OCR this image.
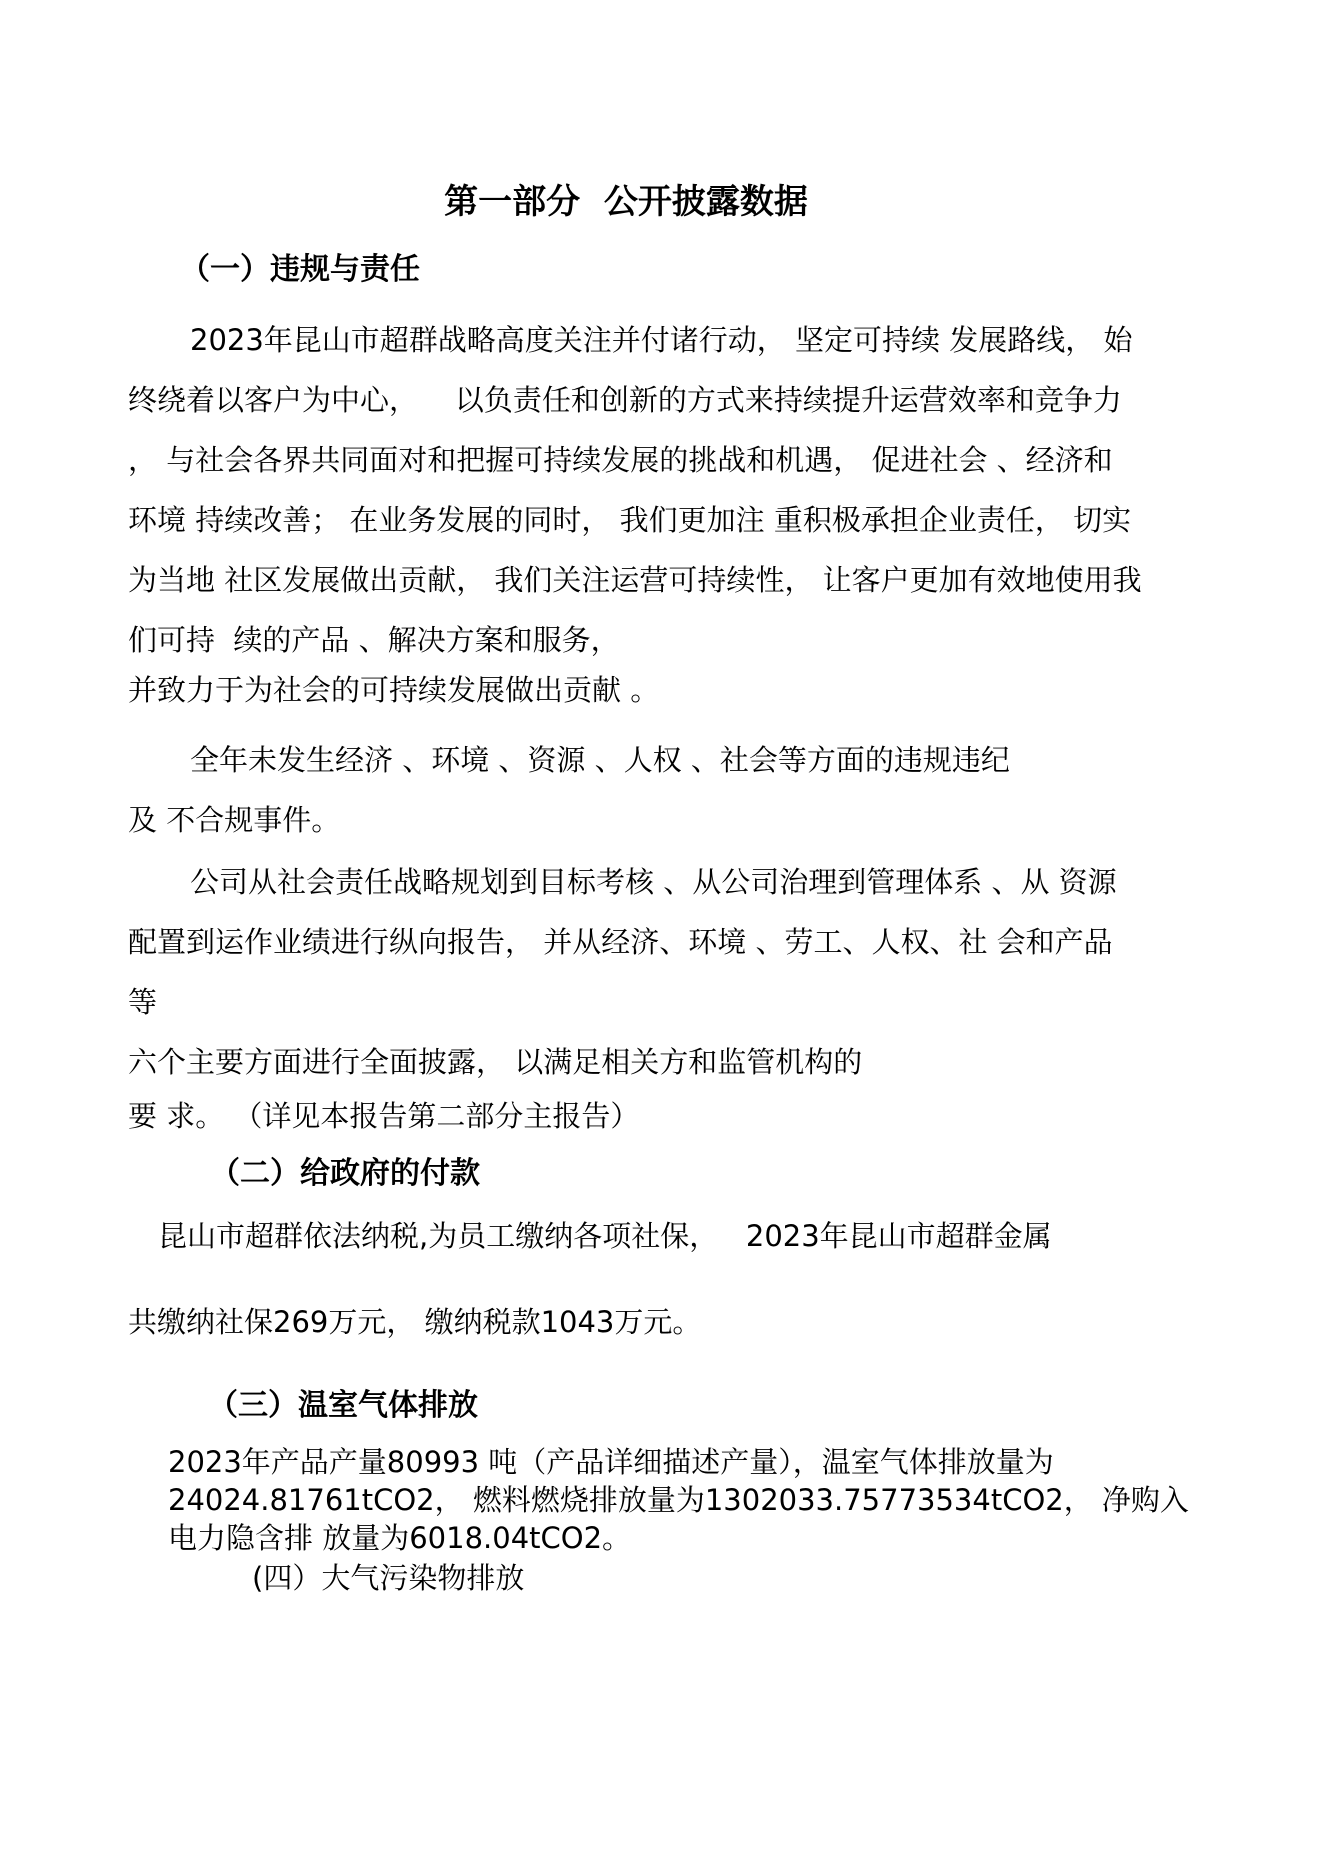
第一部分  公开披露数据
（一）违规与责任
2023年昆山市超群战略高度关注并付诸行动， 坚定可持续 发展路线， 始
终绕着以客户为中心，    以负责任和创新的方式来持续提升运营效率和竞争力
， 与社会各界共同面对和把握可持续发展的挑战和机遇， 促进社会 、经济和
环境 持续改善； 在业务发展的同时， 我们更加注 重积极承担企业责任， 切实
为当地 社区发展做出贡献， 我们关注运营可持续性， 让客户更加有效地使用我
们可持  续的产品 、解决方案和服务，
并致力于为社会的可持续发展做出贡献 。
全年未发生经济 、环境 、资源 、人权 、社会等方面的违规违纪
及 不合规事件。
公司从社会责任战略规划到目标考核 、从公司治理到管理体系 、从 资源
配置到运作业绩进行纵向报告， 并从经济、环境 、劳工、人权、社 会和产品
等
六个主要方面进行全面披露， 以满足相关方和监管机构的
要 求。 （详见本报告第二部分主报告）
（二）给政府的付款
昆山市超群依法纳税,为员工缴纳各项社保，   2023年昆山市超群金属
共缴纳社保269万元， 缴纳税款1043万元。
（三）温室气体排放
2023年产品产量80993 吨（产品详细描述产量），温室气体排放量为
24024.81761tCO2， 燃料燃烧排放量为1302033.75773534tCO2， 净购入
电力隐含排 放量为6018.04tCO2。
(四）大气污染物排放
